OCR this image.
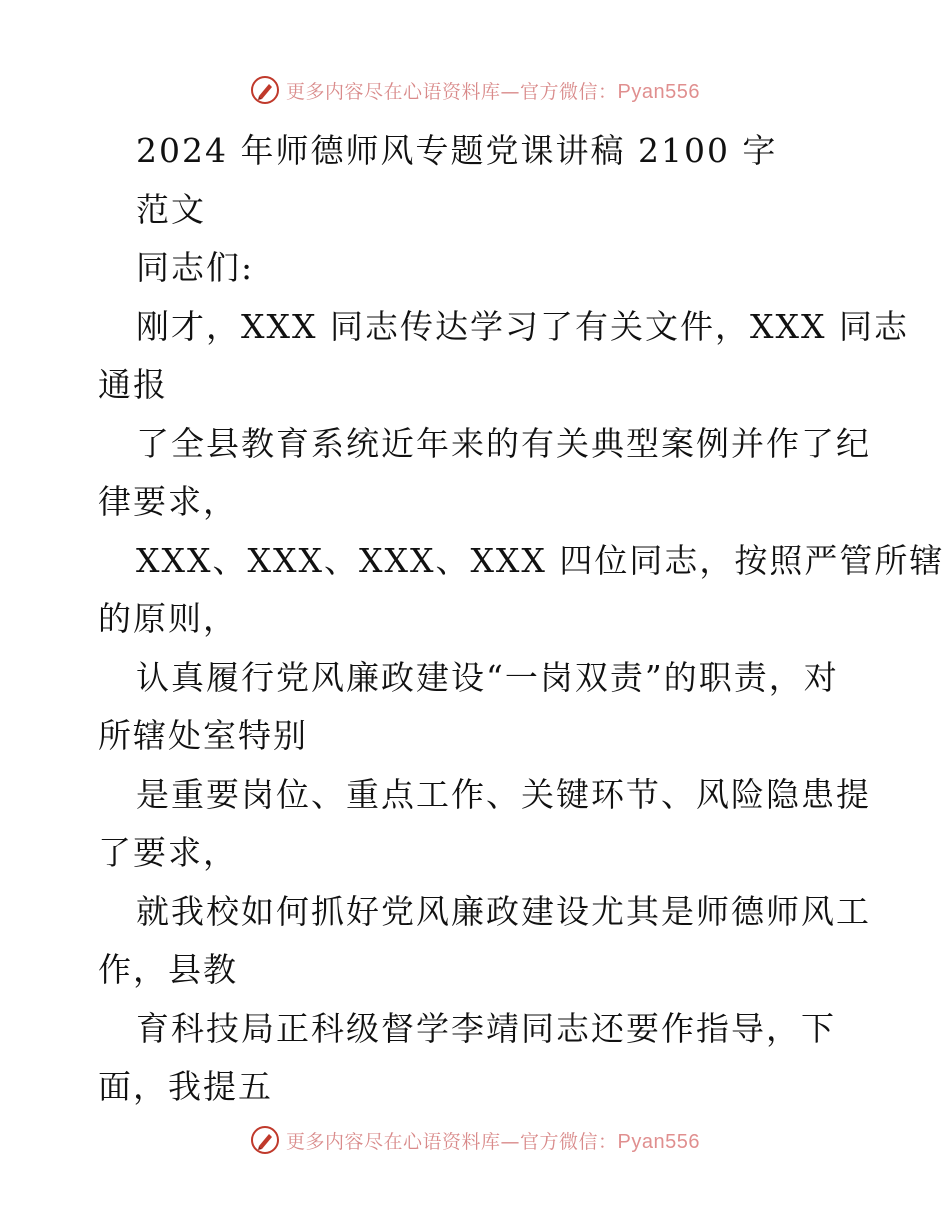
更多内容尽在心语资料库—官方微信：Pyan556
2024 年师德师风专题党课讲稿 2100 字
范文
同志们:
刚才，XXX 同志传达学习了有关文件，XXX 同志
通报
了全县教育系统近年来的有关典型案例并作了纪
律要求，
XXX、XXX、XXX、XXX 四位同志，按照严管所辖
的原则，
认真履行党风廉政建设“一岗双责”的职责，对
所辖处室特别
是重要岗位、重点工作、关键环节、风险隐患提
了要求，
就我校如何抓好党风廉政建设尤其是师德师风工
作，县教
育科技局正科级督学李靖同志还要作指导，下
面，我提五
更多内容尽在心语资料库—官方微信：Pyan556
